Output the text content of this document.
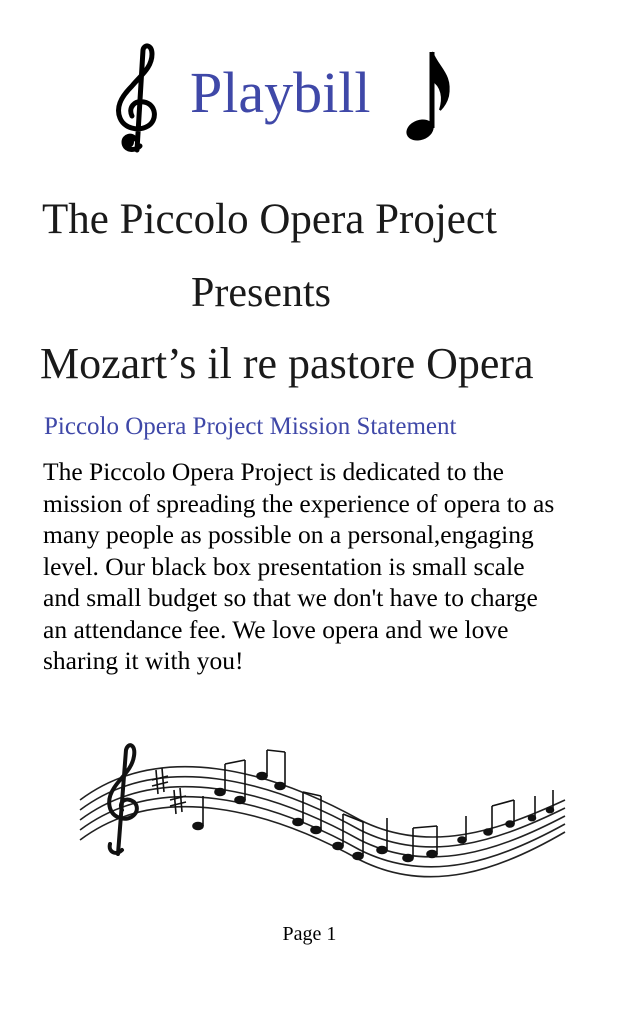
Playbill
The Piccolo Opera Project
Presents
Mozart’s il re pastore Opera
Piccolo Opera Project Mission Statement
The Piccolo Opera Project is dedicated to the mission of spreading the experience of opera to as many people as possible on a personal,engaging level. Our black box presentation is small scale and small budget so that we don't have to charge an attendance fee. We love opera and we love sharing it with you!
Page 1
